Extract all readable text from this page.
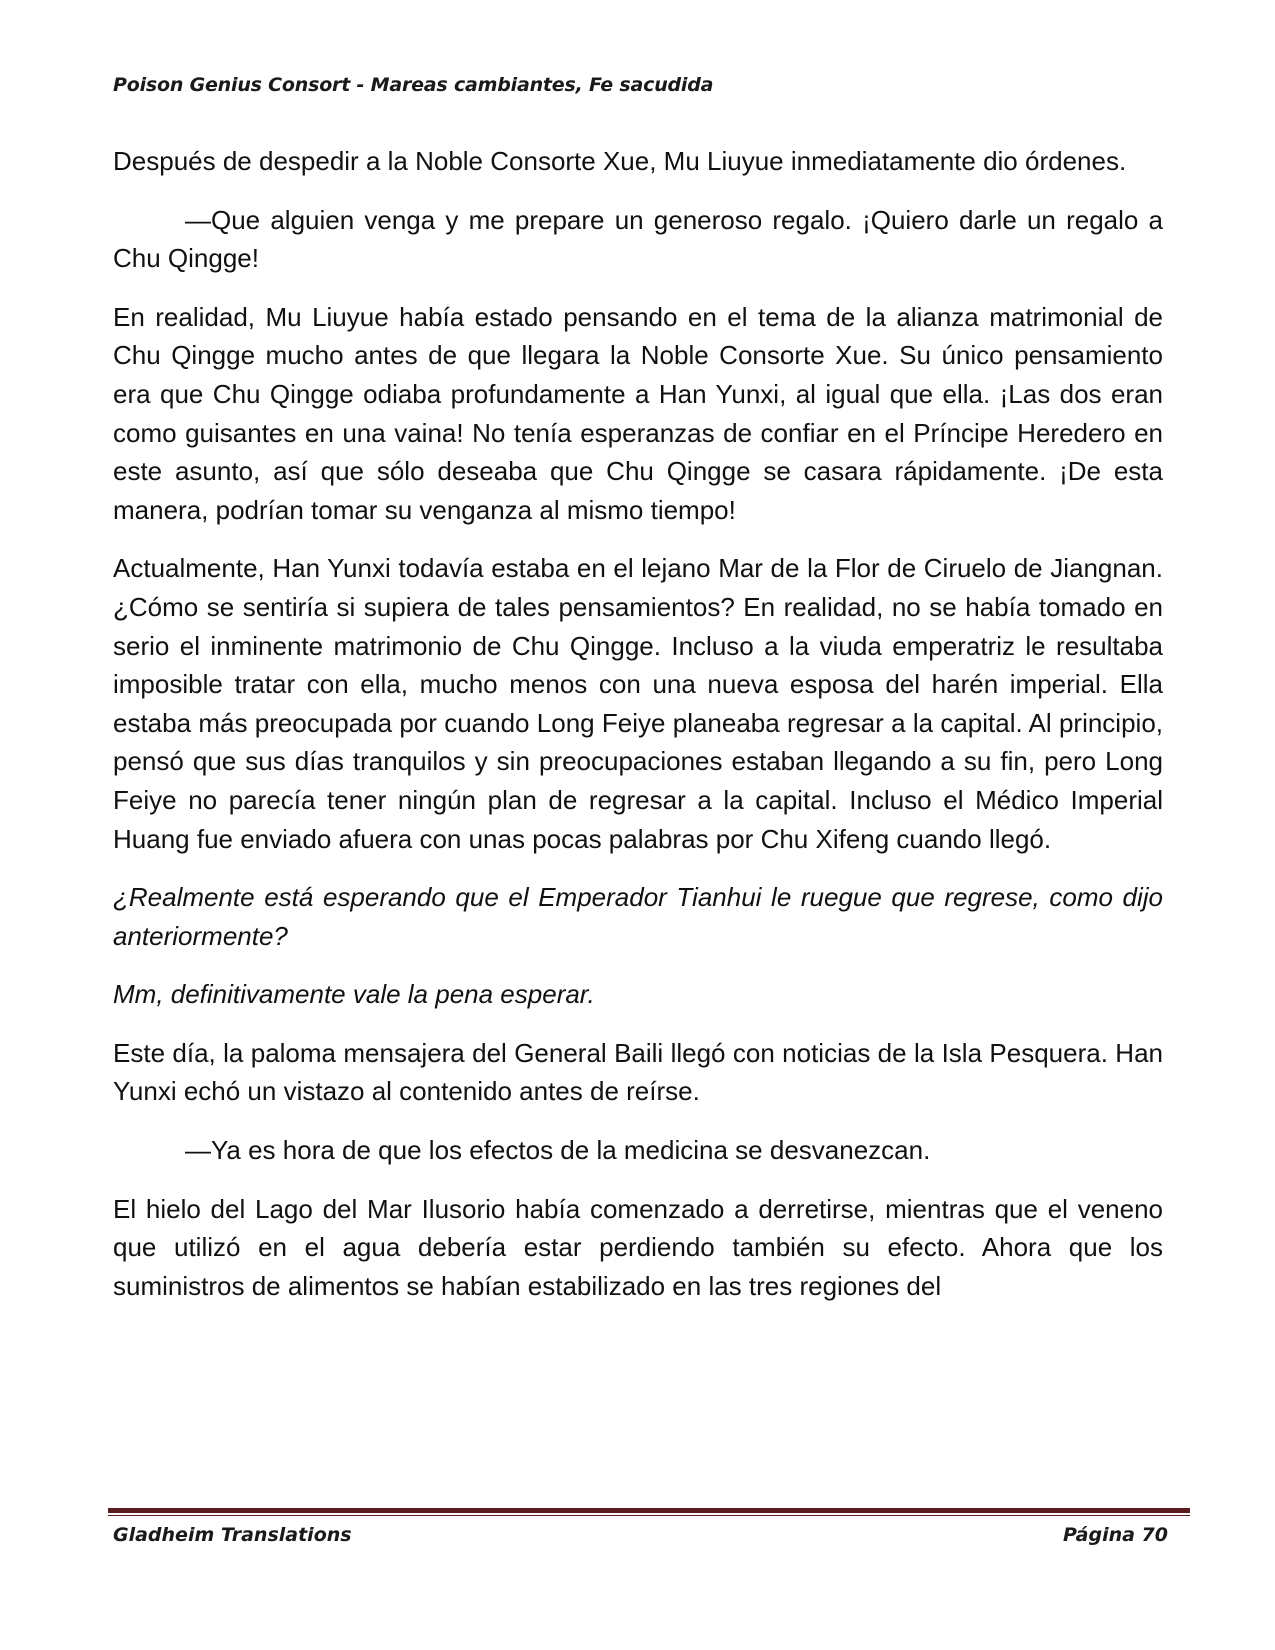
Poison Genius Consort - Mareas cambiantes, Fe sacudida

Después de despedir a la Noble Consorte Xue, Mu Liuyue inmediatamente dio órdenes.

—Que alguien venga y me prepare un generoso regalo. ¡Quiero darle un regalo a Chu Qingge!

En realidad, Mu Liuyue había estado pensando en el tema de la alianza matrimonial de Chu Qingge mucho antes de que llegara la Noble Consorte Xue. Su único pensamiento era que Chu Qingge odiaba profundamente a Han Yunxi, al igual que ella. ¡Las dos eran como guisantes en una vaina! No tenía esperanzas de confiar en el Príncipe Heredero en este asunto, así que sólo deseaba que Chu Qingge se casara rápidamente. ¡De esta manera, podrían tomar su venganza al mismo tiempo!

Actualmente, Han Yunxi todavía estaba en el lejano Mar de la Flor de Ciruelo de Jiangnan. ¿Cómo se sentiría si supiera de tales pensamientos? En realidad, no se había tomado en serio el inminente matrimonio de Chu Qingge. Incluso a la viuda emperatriz le resultaba imposible tratar con ella, mucho menos con una nueva esposa del harén imperial. Ella estaba más preocupada por cuando Long Feiye planeaba regresar a la capital. Al principio, pensó que sus días tranquilos y sin preocupaciones estaban llegando a su fin, pero Long Feiye no parecía tener ningún plan de regresar a la capital. Incluso el Médico Imperial Huang fue enviado afuera con unas pocas palabras por Chu Xifeng cuando llegó.

¿Realmente está esperando que el Emperador Tianhui le ruegue que regrese, como dijo anteriormente?

Mm, definitivamente vale la pena esperar.

Este día, la paloma mensajera del General Baili llegó con noticias de la Isla Pesquera. Han Yunxi echó un vistazo al contenido antes de reírse.

—Ya es hora de que los efectos de la medicina se desvanezcan.

El hielo del Lago del Mar Ilusorio había comenzado a derretirse, mientras que el veneno que utilizó en el agua debería estar perdiendo también su efecto. Ahora que los suministros de alimentos se habían estabilizado en las tres regiones del

Gladheim Translations	Página 70
